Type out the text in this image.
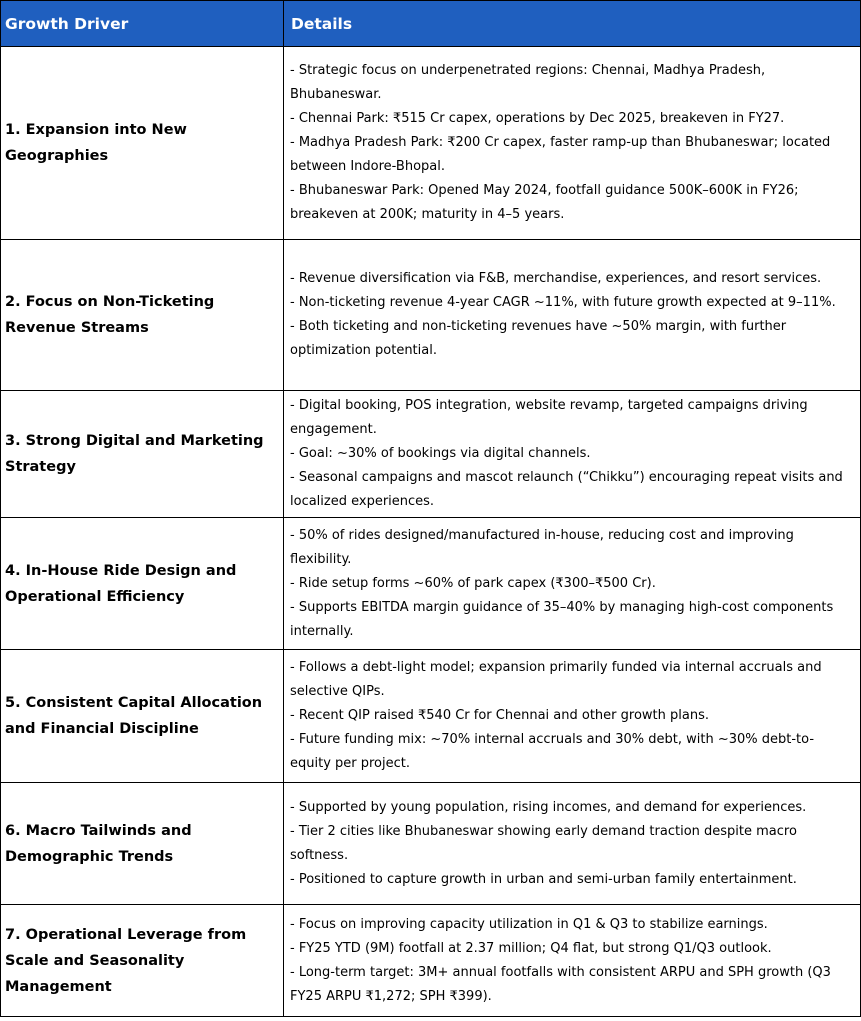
Growth Driver	Details
1. Expansion into New Geographies	- Strategic focus on underpenetrated regions: Chennai, Madhya Pradesh, Bhubaneswar.
- Chennai Park: ₹515 Cr capex, operations by Dec 2025, breakeven in FY27.
- Madhya Pradesh Park: ₹200 Cr capex, faster ramp-up than Bhubaneswar; located between Indore-Bhopal.
- Bhubaneswar Park: Opened May 2024, footfall guidance 500K–600K in FY26; breakeven at 200K; maturity in 4–5 years.

2. Focus on Non-Ticketing Revenue Streams	- Revenue diversification via F&B, merchandise, experiences, and resort services.
- Non-ticketing revenue 4-year CAGR ~11%, with future growth expected at 9–11%.
- Both ticketing and non-ticketing revenues have ~50% margin, with further optimization potential.

3. Strong Digital and Marketing Strategy	- Digital booking, POS integration, website revamp, targeted campaigns driving engagement.
- Goal: ~30% of bookings via digital channels.
- Seasonal campaigns and mascot relaunch (“Chikku”) encouraging repeat visits and localized experiences.

4. In-House Ride Design and Operational Efficiency	- 50% of rides designed/manufactured in-house, reducing cost and improving flexibility.
- Ride setup forms ~60% of park capex (₹300–₹500 Cr).
- Supports EBITDA margin guidance of 35–40% by managing high-cost components internally.

5. Consistent Capital Allocation and Financial Discipline	- Follows a debt-light model; expansion primarily funded via internal accruals and selective QIPs.
- Recent QIP raised ₹540 Cr for Chennai and other growth plans.
- Future funding mix: ~70% internal accruals and 30% debt, with ~30% debt-to-equity per project.

6. Macro Tailwinds and Demographic Trends	- Supported by young population, rising incomes, and demand for experiences.
- Tier 2 cities like Bhubaneswar showing early demand traction despite macro softness.
- Positioned to capture growth in urban and semi-urban family entertainment.

7. Operational Leverage from Scale and Seasonality Management	- Focus on improving capacity utilization in Q1 & Q3 to stabilize earnings.
- FY25 YTD (9M) footfall at 2.37 million; Q4 flat, but strong Q1/Q3 outlook.
- Long-term target: 3M+ annual footfalls with consistent ARPU and SPH growth (Q3 FY25 ARPU ₹1,272; SPH ₹399).
